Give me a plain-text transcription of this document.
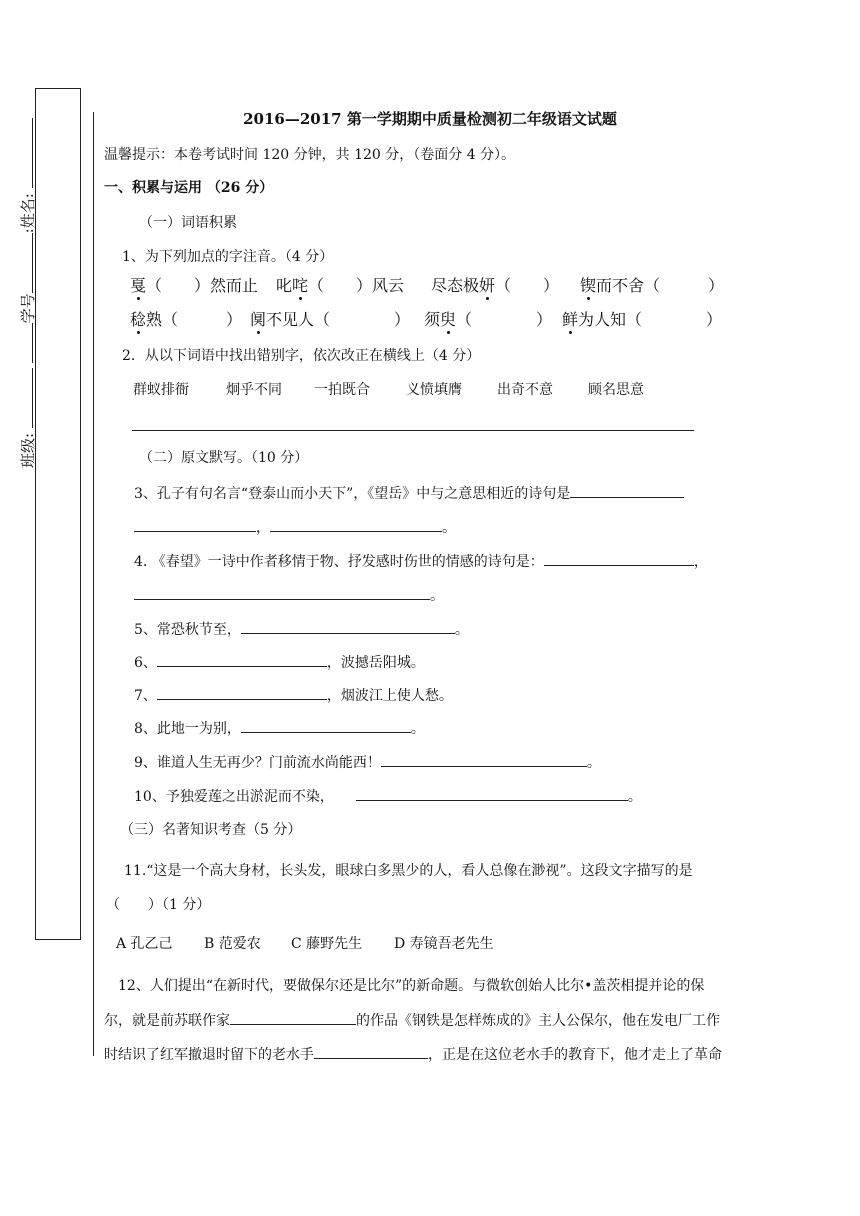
班级:  学号:姓名:
2016—2017 第一学期期中质量检测初二年级语文试题
温馨提示：本卷考试时间 120 分钟，共 120 分，（卷面分 4 分）。
一、积累与运用 （26 分）
（一）词语积累
1、为下列加点的字注音。（4 分）
戛（　　）然而止 叱咤（　　）风云 尽态极妍（　　） 锲而不舍（　　　）
稔熟（　　　） 阒不见人（　　　　） 须臾（　　　　） 鲜为人知（　　　　）
2．从以下词语中找出错别字，依次改正在横线上（4 分）
群蚁排衙	炯乎不同 一拍既合	义愤填膺	出奇不意	顾名思意
（二）原文默写。（10 分）
3、孔子有句名言“登泰山而小天下”，《望岳》中与之意思相近的诗句是
，	。
4. 《春望》一诗中作者移情于物、抒发感时伤世的情感的诗句是：	，
。
5、常恐秋节至，	。
6、	，波撼岳阳城。
7、	，烟波江上使人愁。
8、此地一为别，	。
9、谁道人生无再少？门前流水尚能西！	。
10、予独爱莲之出淤泥而不染，	。
（三）名著知识考查（5 分）
11.“这是一个高大身材，长头发，眼球白多黑少的人，看人总像在渺视”。这段文字描写的是
（　　）（1 分）
A 孔乙己 B 范爱农 C 藤野先生 D 寿镜吾老先生
12、人们提出“在新时代，要做保尔还是比尔”的新命题。与微软创始人比尔•盖茨相提并论的保
尔，就是前苏联作家	的作品《钢铁是怎样炼成的》主人公保尔，他在发电厂工作
时结识了红军撤退时留下的老水手	，正是在这位老水手的教育下，他才走上了革命
